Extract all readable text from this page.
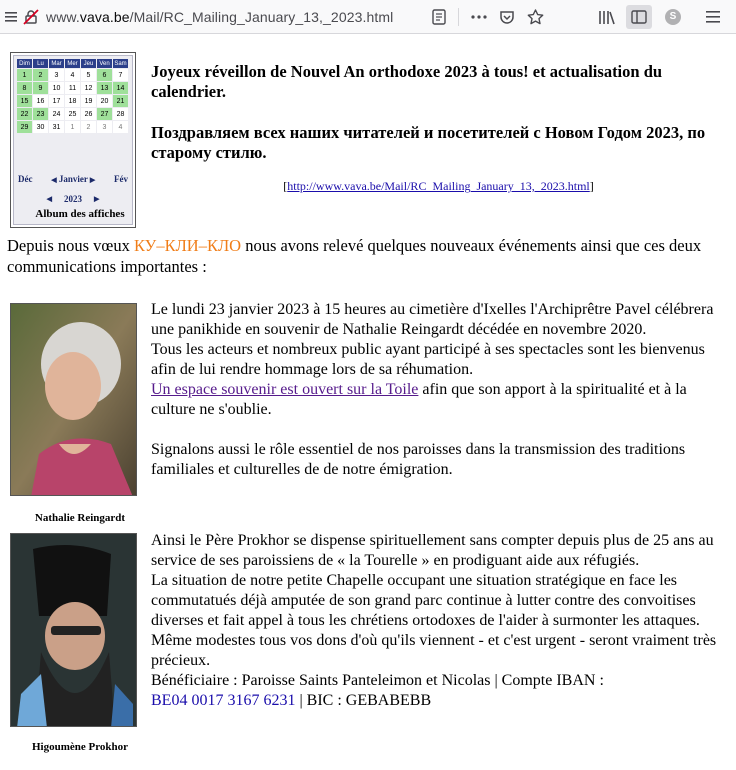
www.vava.be/Mail/RC_Mailing_January_13,_2023.html	S
Dim	Lu	Mar	Mer	Jeu	Ven	Sam
1	2	3	4	5	6	7
8	9	10	11	12	13	14
15	16	17	18	19	20	21
22	23	24	25	26	27	28
29	30	31	1	2	3	4
Déc	◀ Janvier ▶ Fév
◀ 2023 ▶
Album des affiches
Joyeux réveillon de Nouvel An orthodoxe 2023 à tous! et actualisation du calendrier.
Поздравляем всех наших читателей и посетителей с Новом Годом 2023, по старому стилю.
[http://www.vava.be/Mail/RC_Mailing_January_13,_2023.html]
Depuis nous vœux КУ–КЛИ–КЛО nous avons relevé quelques nouveaux événements ainsi que ces deux communications importantes :
Nathalie Reingardt
Le lundi 23 janvier 2023 à 15 heures au cimetière d'Ixelles l'Archiprêtre Pavel célébrera une panikhide en souvenir de Nathalie Reingardt décédée en novembre 2020.
Tous les acteurs et nombreux public ayant participé à ses spectacles sont les bienvenus afin de lui rendre hommage lors de sa réhumation.
Un espace souvenir est ouvert sur la Toile afin que son apport à la spiritualité et à la culture ne s'oublie.
Signalons aussi le rôle essentiel de nos paroisses dans la transmission des traditions familiales et culturelles de de notre émigration.
Higoumène Prokhor
Ainsi le Père Prokhor se dispense spirituellement sans compter depuis plus de 25 ans au service de ses paroissiens de « la Tourelle » en prodiguant aide aux réfugiés.
La situation de notre petite Chapelle occupant une situation stratégique en face les commutatués déjà amputée de son grand parc continue à lutter contre des convoitises diverses et fait appel à tous les chrétiens ortodoxes de l'aider à surmonter les attaques. Même modestes tous vos dons d'où qu'ils viennent - et c'est urgent - seront vraiment très précieux.
Bénéficiaire : Paroisse Saints Panteleimon et Nicolas | Compte IBAN :
BE04 0017 3167 6231 | BIC : GEBABEBB
